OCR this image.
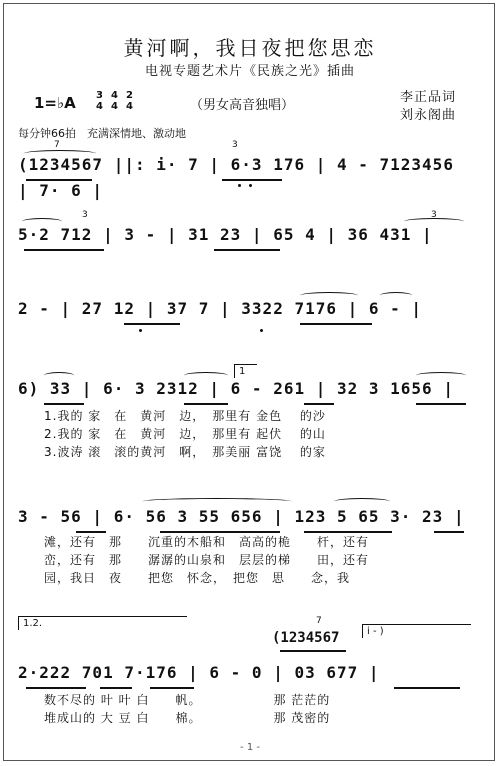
黄河啊，我日夜把您思恋
电视专题艺术片《民族之光》插曲
1=♭A 3
4
4
4
2
4	（男女高音独唱）
李正品词
刘永阁曲
每分钟66拍　充满深情地、激动地
(1234567 ||: i· 7 | 6·3 176 | 4 - 7123456 | 7· 6 |
7	3
5·2 712 | 3 - | 31 23 | 65 4 | 36 431 |
3	3
2 - | 27 12 | 37 7 | 3322 7176 | 6 - |
1
6) 33 | 6· 3 2312 | 6 - 261 | 32 3 1656 |
1.我的 家　在　黄河　边，　那里有 金色　 的沙
2.我的 家　在　黄河　边，　那里有 起伏　 的山
3.波涛 滚　滚的黄河　啊，　那美丽 富饶　 的家
3 - 56 | 6· 56 3 55 656 | 123 5 65 3· 23 |
滩，还有　那　　沉重的木船和　高高的桅　　杆，还有
峦，还有　那　　潺潺的山泉和　层层的梯　　田，还有
园，我日　夜　　把您　怀念，　把您　思　　念，我
1.2.
(1234567
7
i - )
2·222 701 7·176 | 6 - 0 | 03 677 |
数不尽的 叶 叶 白　　帆。　　　　　　那 茫茫的
堆成山的 大 豆 白　　棉。　　　　　　那 茂密的
- 1 -
